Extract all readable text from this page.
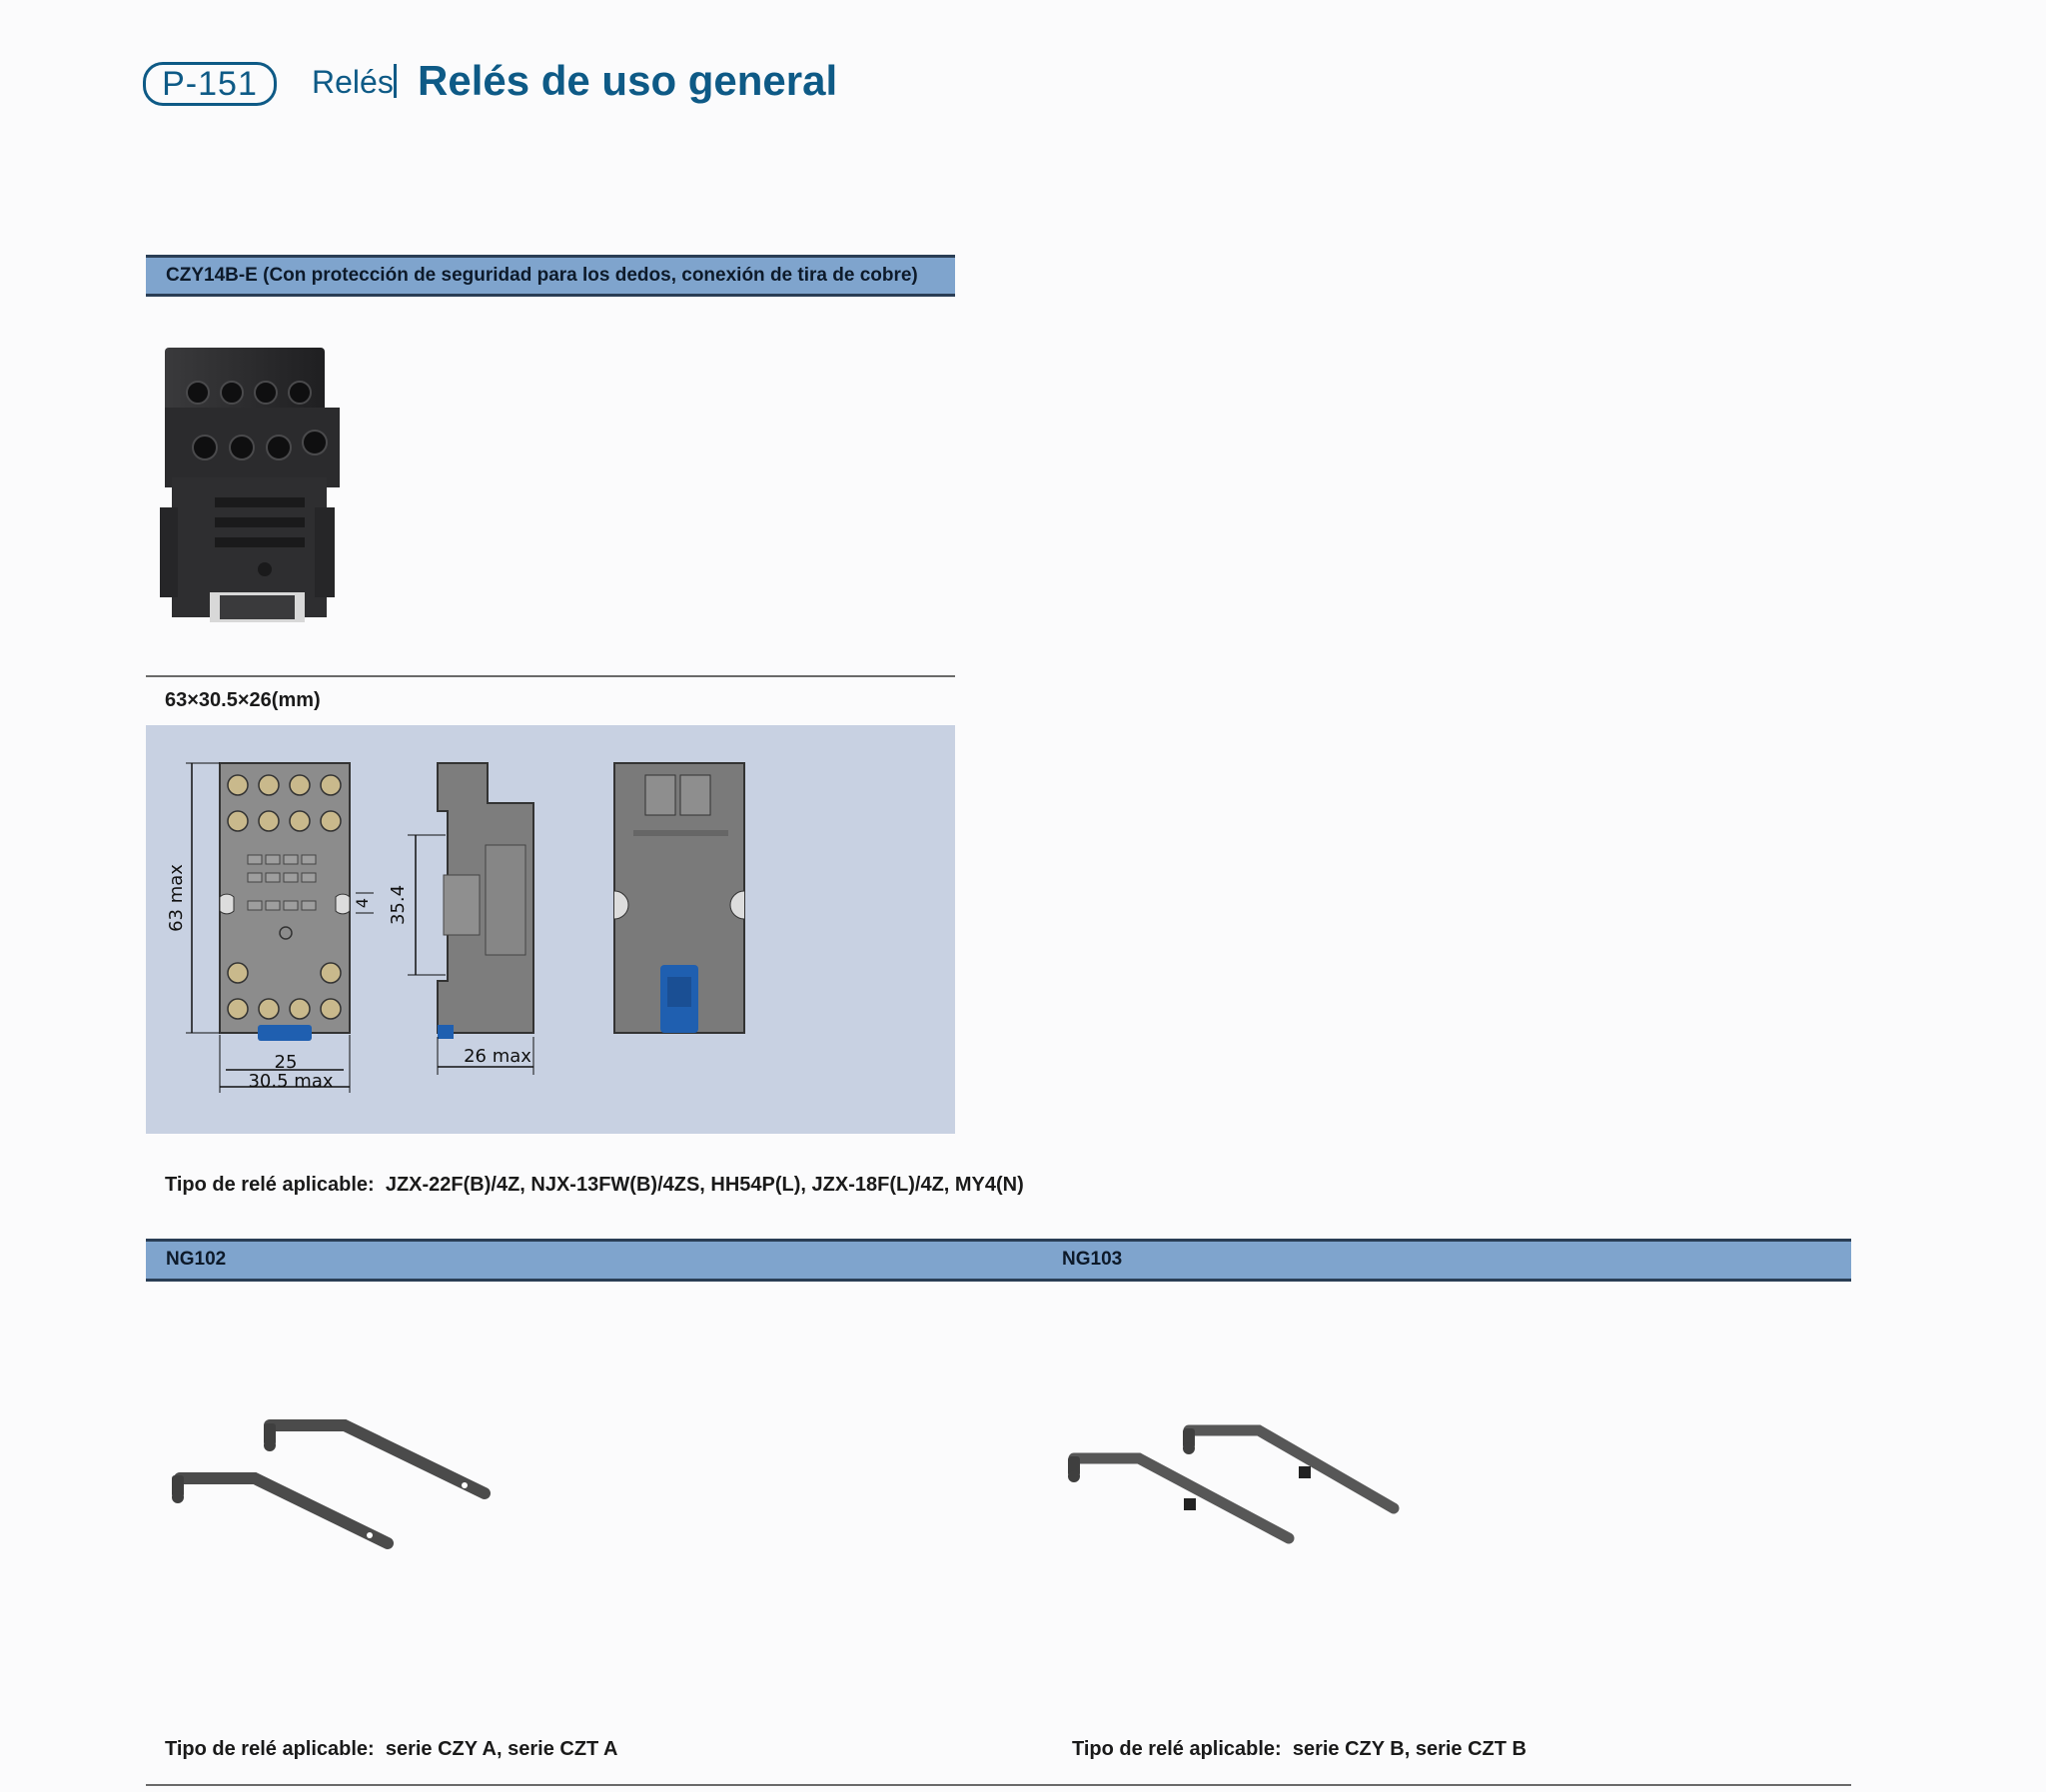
P-151	Relés Relés de uso general
CZY14B-E (Con protección de seguridad para los dedos, conexión de tira de cobre)
63×30.5×26(mm)
63 max
25
30.5 max
4 35.4
26 max
Tipo de relé aplicable: JZX-22F(B)/4Z, NJX-13FW(B)/4ZS, HH54P(L), JZX-18F(L)/4Z, MY4(N)
NG102	NG103
Tipo de relé aplicable: serie CZY A, serie CZT A	Tipo de relé aplicable: serie CZY B, serie CZT B
